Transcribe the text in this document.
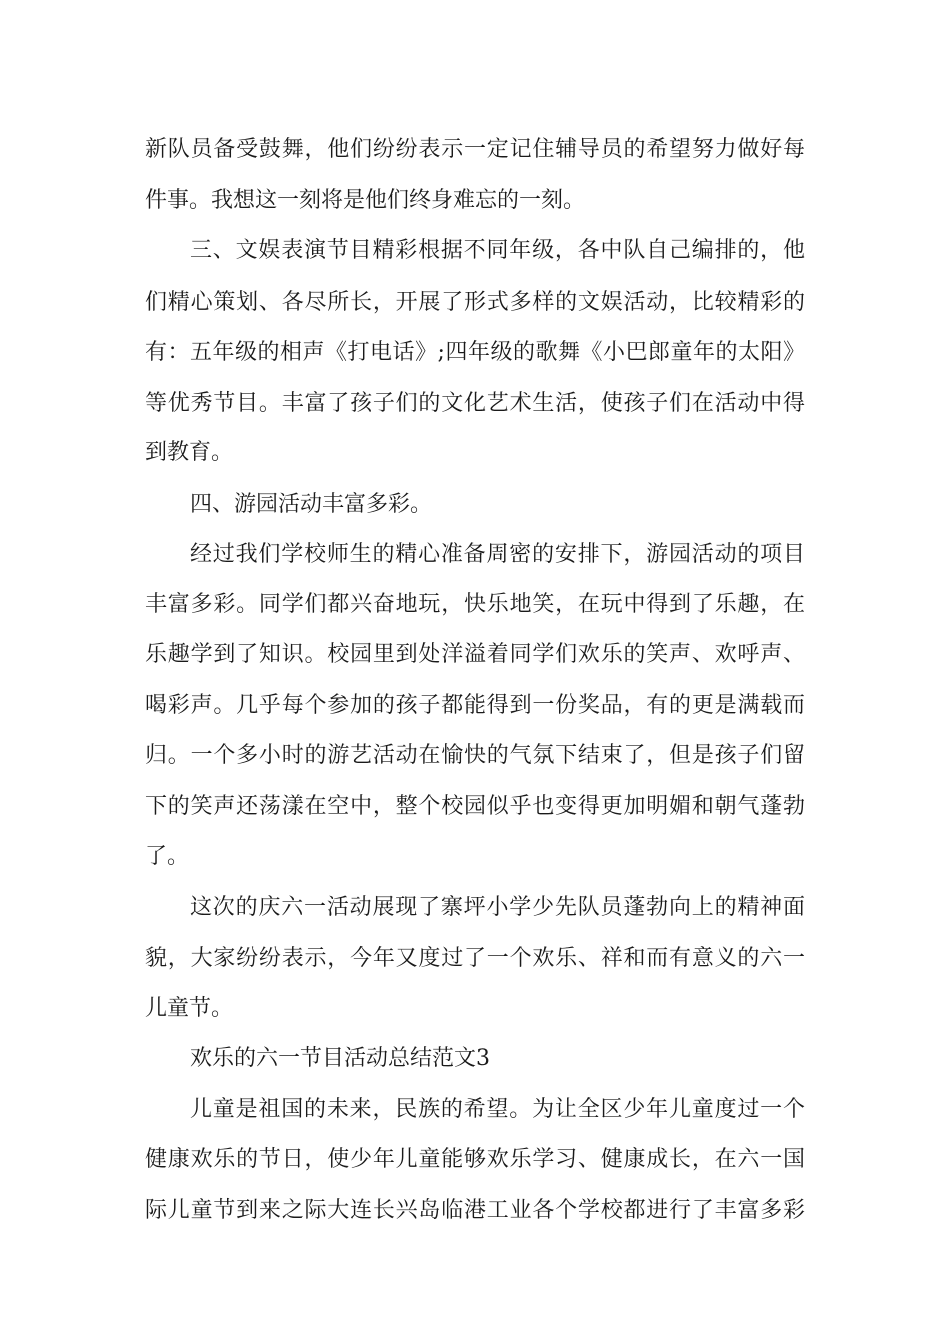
新队员备受鼓舞，他们纷纷表示一定记住辅导员的希望努力做好每
件事。我想这一刻将是他们终身难忘的一刻。
三、文娱表演节目精彩根据不同年级，各中队自己编排的，他
们精心策划、各尽所长，开展了形式多样的文娱活动，比较精彩的
有：五年级的相声《打电话》;四年级的歌舞《小巴郎童年的太阳》
等优秀节目。丰富了孩子们的文化艺术生活，使孩子们在活动中得
到教育。
四、游园活动丰富多彩。
经过我们学校师生的精心准备周密的安排下，游园活动的项目
丰富多彩。同学们都兴奋地玩，快乐地笑，在玩中得到了乐趣，在
乐趣学到了知识。校园里到处洋溢着同学们欢乐的笑声、欢呼声、
喝彩声。几乎每个参加的孩子都能得到一份奖品，有的更是满载而
归。一个多小时的游艺活动在愉快的气氛下结束了，但是孩子们留
下的笑声还荡漾在空中，整个校园似乎也变得更加明媚和朝气蓬勃
了。
这次的庆六一活动展现了寨坪小学少先队员蓬勃向上的精神面
貌，大家纷纷表示，今年又度过了一个欢乐、祥和而有意义的六一
儿童节。
欢乐的六一节目活动总结范文3
儿童是祖国的未来，民族的希望。为让全区少年儿童度过一个
健康欢乐的节日，使少年儿童能够欢乐学习、健康成长，在六一国
际儿童节到来之际大连长兴岛临港工业各个学校都进行了丰富多彩
